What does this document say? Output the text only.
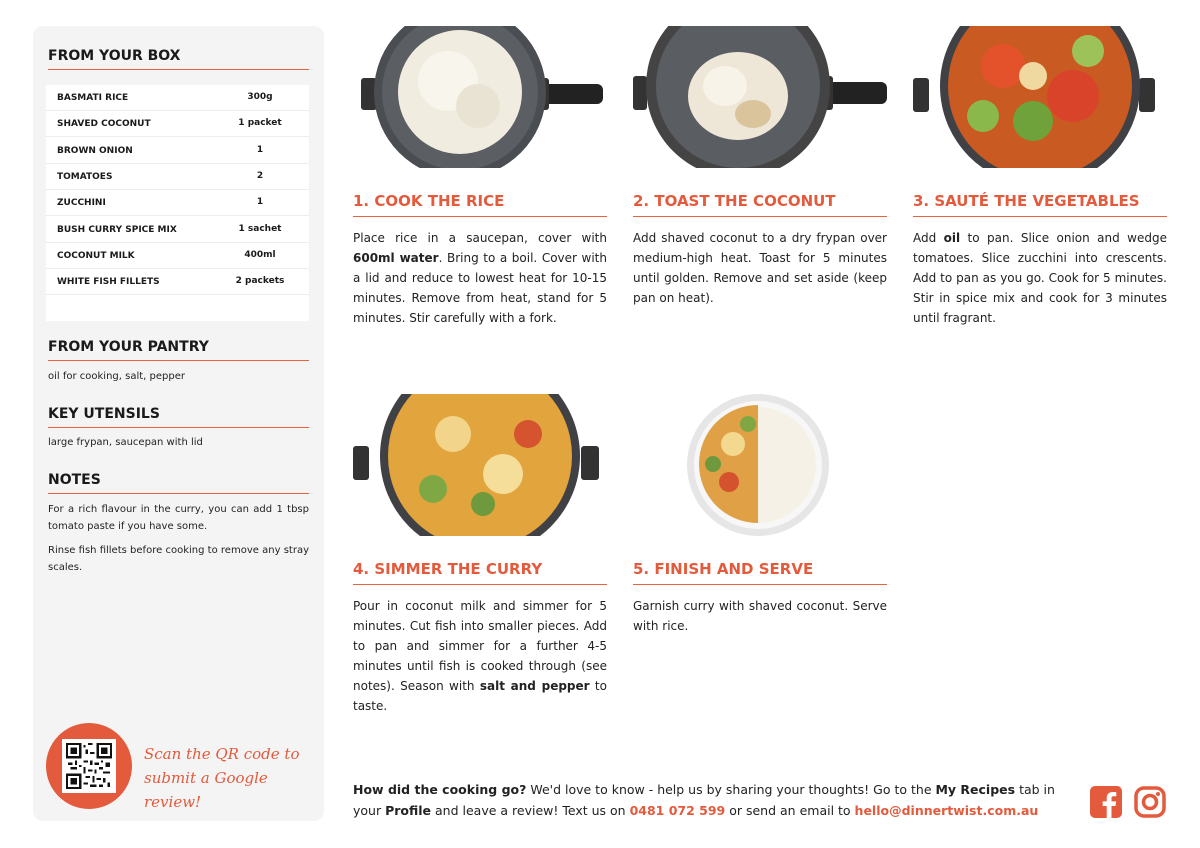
FROM YOUR BOX
BASMATI RICE	300g
SHAVED COCONUT	1 packet
BROWN ONION	1
TOMATOES	2
ZUCCHINI	1
BUSH CURRY SPICE MIX	1 sachet
COCONUT MILK	400ml
WHITE FISH FILLETS	2 packets
FROM YOUR PANTRY
oil for cooking, salt, pepper
KEY UTENSILS
large frypan, saucepan with lid
NOTES
For a rich flavour in the curry, you can add 1 tbsp tomato paste if you have some.
Rinse fish fillets before cooking to remove any stray scales.
Scan the QR code to
submit a Google review!
1. COOK THE RICE
Place rice in a saucepan, cover with 600ml water. Bring to a boil. Cover with a lid and reduce to lowest heat for 10-15 minutes. Remove from heat, stand for 5 minutes. Stir carefully with a fork.
2. TOAST THE COCONUT
Add shaved coconut to a dry frypan over medium-high heat. Toast for 5 minutes until golden. Remove and set aside (keep pan on heat).
3. SAUTÉ THE VEGETABLES
Add oil to pan. Slice onion and wedge tomatoes. Slice zucchini into crescents. Add to pan as you go. Cook for 5 minutes. Stir in spice mix and cook for 3 minutes until fragrant.
4. SIMMER THE CURRY
Pour in coconut milk and simmer for 5 minutes. Cut fish into smaller pieces. Add to pan and simmer for a further 4-5 minutes until fish is cooked through (see notes). Season with salt and pepper to taste.
5. FINISH AND SERVE
Garnish curry with shaved coconut. Serve with rice.
How did the cooking go? We'd love to know - help us by sharing your thoughts! Go to the My Recipes tab in your Profile and leave a review! Text us on 0481 072 599 or send an email to hello@dinnertwist.com.au
